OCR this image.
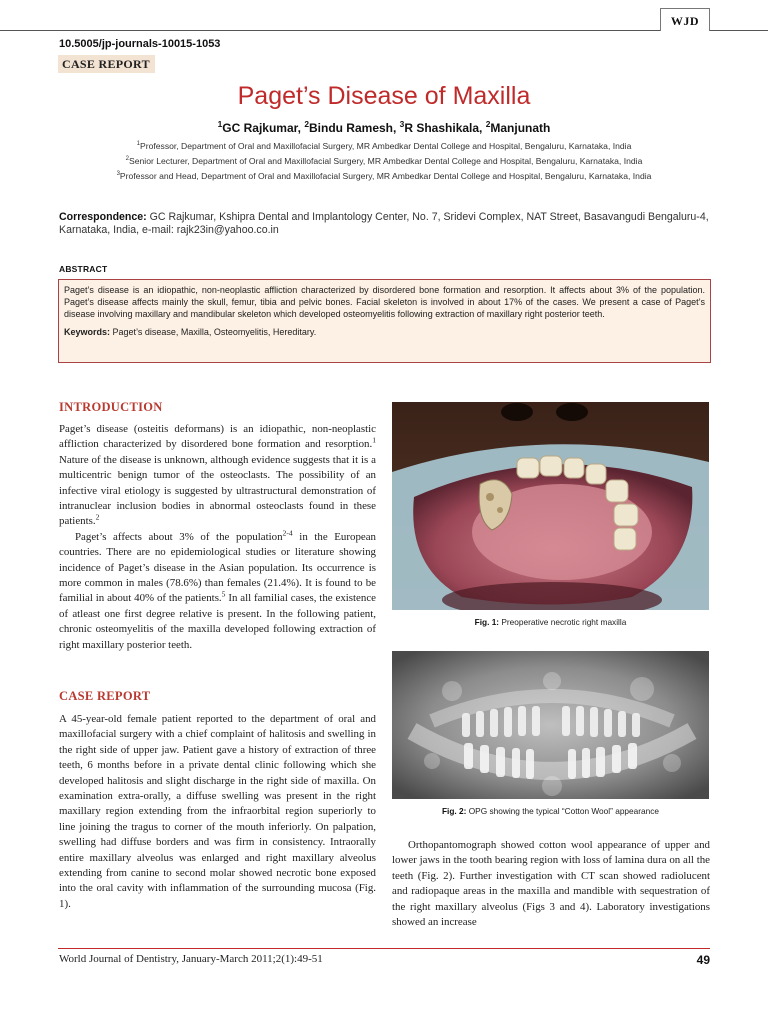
WJD
10.5005/jp-journals-10015-1053
CASE REPORT
Paget’s Disease of Maxilla
$^1$GC Rajkumar, $^2$Bindu Ramesh, $^3$R Shashikala, $^2$Manjunath
$^1$Professor, Department of Oral and Maxillofacial Surgery, MR Ambedkar Dental College and Hospital, Bengaluru, Karnataka, India
$^2$Senior Lecturer, Department of Oral and Maxillofacial Surgery, MR Ambedkar Dental College and Hospital, Bengaluru, Karnataka, India
$^3$Professor and Head, Department of Oral and Maxillofacial Surgery, MR Ambedkar Dental College and Hospital, Bengaluru, Karnataka, India
Correspondence: GC Rajkumar, Kshipra Dental and Implantology Center, No. 7, Sridevi Complex, NAT Street, Basavangudi Bengaluru-4, Karnataka, India, e-mail: rajk23in@yahoo.co.in
ABSTRACT

Paget’s disease is an idiopathic, non-neoplastic affliction characterized by disordered bone formation and resorption. It affects about 3% of the population. Paget’s disease affects mainly the skull, femur, tibia and pelvic bones. Facial skeleton is involved in about 17% of the cases. We present a case of Paget’s disease involving maxillary and mandibular skeleton which developed osteomyelitis following extraction of maxillary right posterior teeth.

Keywords: Paget’s disease, Maxilla, Osteomyelitis, Hereditary.

INTRODUCTION

Paget’s disease (osteitis deformans) is an idiopathic, non-neoplastic affliction characterized by disordered bone formation and resorption.$^1$ Nature of the disease is unknown, although evidence suggests that it is a multicentric benign tumor of the osteoclasts. The possibility of an infective viral etiology is suggested by ultrastructural demonstration of intranuclear inclusion bodies in abnormal osteoclasts found in these patients.$^2$

Paget’s affects about 3% of the population$^{2-4}$ in the European countries. There are no epidemiological studies or literature showing incidence of Paget’s disease in the Asian population. Its occurrence is more common in males (78.6%) than females (21.4%). It is found to be familial in about 40% of the patients.$^5$ In all familial cases, the existence of atleast one first degree relative is present. In the following patient, chronic osteomyelitis of the maxilla developed following extraction of right maxillary posterior teeth.

CASE REPORT

A 45-year-old female patient reported to the department of oral and maxillofacial surgery with a chief complaint of halitosis and swelling in the right side of upper jaw. Patient gave a history of extraction of three teeth, 6 months before in a private dental clinic following which she developed halitosis and slight discharge in the right side of maxilla. On examination extra-orally, a diffuse swelling was present in the right maxillary region extending from the infraorbital region superiorly to line joining the tragus to corner of the mouth inferiorly. On palpation, swelling had diffuse borders and was firm in consistency. Intraorally entire maxillary alveolus was enlarged and right maxillary alveolus extending from canine to second molar showed necrotic bone exposed into the oral cavity with inflammation of the surrounding mucosa (Fig. 1).

Fig. 1: Preoperative necrotic right maxilla
Fig. 2: OPG showing the typical “Cotton Wool” appearance

Orthopantomograph showed cotton wool appearance of upper and lower jaws in the tooth bearing region with loss of lamina dura on all the teeth (Fig. 2). Further investigation with CT scan showed radiolucent and radiopaque areas in the maxilla and mandible with sequestration of the right maxillary alveolus (Figs 3 and 4). Laboratory investigations showed an increase

World Journal of Dentistry, January-March 2011;2(1):49-51	49
